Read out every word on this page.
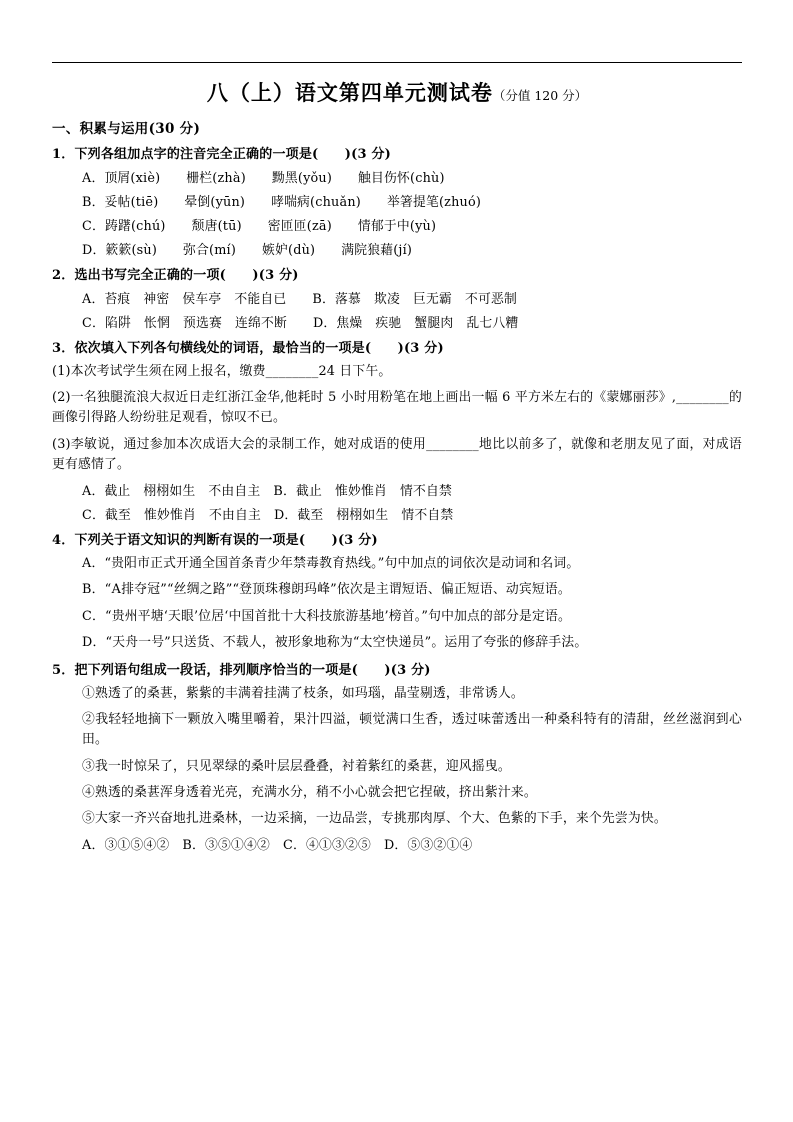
八（上）语文第四单元测试卷（分值 120 分）
一、积累与运用(30 分)
1．下列各组加点字的注音完全正确的一项是(　　)(3 分)
A．顶屑(xiè)　　栅栏(zhà)　　黝黑(yǒu)　　触目伤怀(chù)
B．妥帖(tiē)　　晕倒(yūn)　　哮喘病(chuǎn)　　举箸提笔(zhuó)
C．踌躇(chú)　　颓唐(tū)　　密匝匝(zā)　　情郁于中(yù)
D．簌簌(sù)　　弥合(mí)　　嫉妒(dù)　　满院狼藉(jí)
2．选出书写完全正确的一项(　　)(3 分)
A．苔痕　神密　侯车亭　不能自已　　B．落慕　欺凌　巨无霸　不可恶制
C．陷阱　怅惘　预选赛　连绵不断　　D．焦燥　疾驰　蟹腿肉　乱七八糟
3．依次填入下列各句横线处的词语，最恰当的一项是(　　)(3 分)
(1)本次考试学生须在网上报名，缴费________24 日下午。
(2)一名独腿流浪大叔近日走红浙江金华,他耗时 5 小时用粉笔在地上画出一幅 6 平方米左右的《蒙娜丽莎》,________的画像引得路人纷纷驻足观看，惊叹不已。
(3)李敏说，通过参加本次成语大会的录制工作，她对成语的使用________地比以前多了，就像和老朋友见了面，对成语更有感情了。
A．截止　栩栩如生　不由自主　B．截止　惟妙惟肖　情不自禁
C．截至　惟妙惟肖　不由自主　D．截至　栩栩如生　情不自禁
4．下列关于语文知识的判断有误的一项是(　　)(3 分)
A．“贵阳市正式开通全国首条青少年禁毒教育热线。”句中加点的词依次是动词和名词。
B．“А排夺冠”“丝绸之路”“登顶珠穆朗玛峰”依次是主谓短语、偏正短语、动宾短语。
C．“贵州平塘‘天眼’位居‘中国首批十大科技旅游基地’榜首。”句中加点的部分是定语。
D．“天舟一号”只送货、不载人，被形象地称为“太空快递员”。运用了夸张的修辞手法。
5．把下列语句组成一段话，排列顺序恰当的一项是(　　)(3 分)
①熟透了的桑葚，紫紫的丰满着挂满了枝条，如玛瑙，晶莹剔透，非常诱人。
②我轻轻地摘下一颗放入嘴里嚼着，果汁四溢，顿觉满口生香，透过味蕾透出一种桑科特有的清甜，丝丝滋润到心田。
③我一时惊呆了，只见翠绿的桑叶层层叠叠，衬着紫红的桑葚，迎风摇曳。
④熟透的桑葚浑身透着光亮，充满水分，稍不小心就会把它捏破，挤出紫汁来。
⑤大家一齐兴奋地扎进桑林，一边采摘，一边品尝，专挑那肉厚、个大、色紫的下手，来个先尝为快。
A．③①⑤④②　B．③⑤①④②　C．④①③②⑤　D．⑤③②①④
